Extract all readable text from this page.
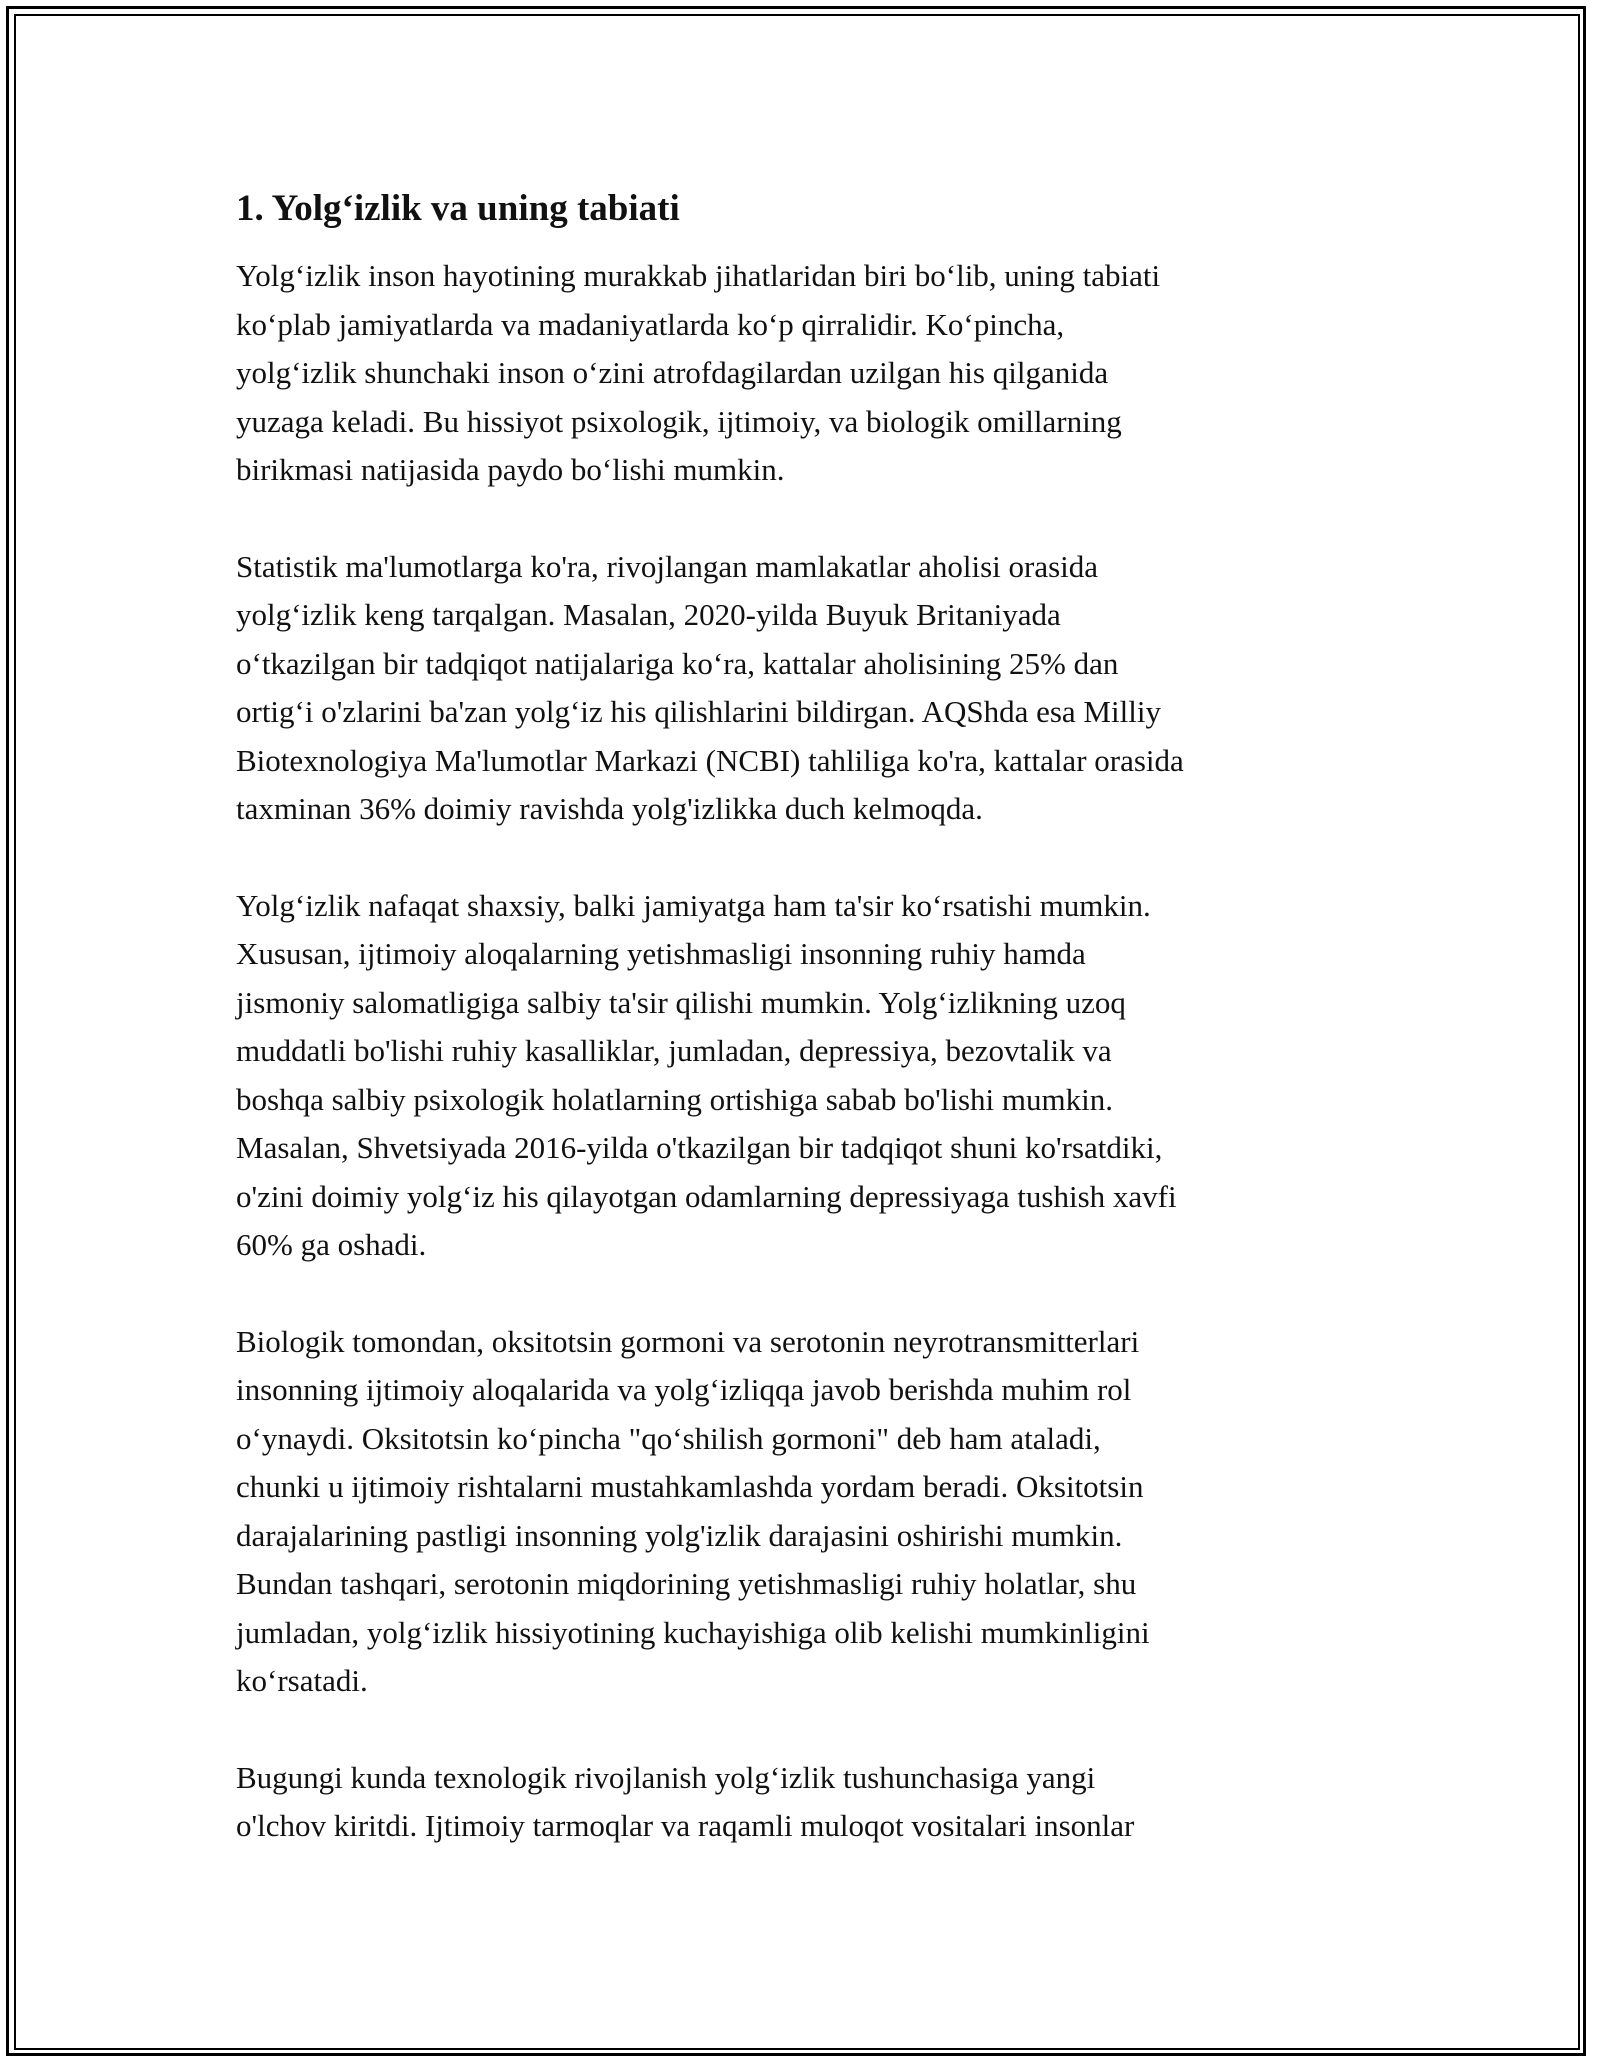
1. Yolg‘izlik va uning tabiati

Yolg‘izlik inson hayotining murakkab jihatlaridan biri bo‘lib, uning tabiati
ko‘plab jamiyatlarda va madaniyatlarda ko‘p qirralidir. Ko‘pincha,
yolg‘izlik shunchaki inson o‘zini atrofdagilardan uzilgan his qilganida
yuzaga keladi. Bu hissiyot psixologik, ijtimoiy, va biologik omillarning
birikmasi natijasida paydo bo‘lishi mumkin.

Statistik ma'lumotlarga ko'ra, rivojlangan mamlakatlar aholisi orasida
yolg‘izlik keng tarqalgan. Masalan, 2020-yilda Buyuk Britaniyada
o‘tkazilgan bir tadqiqot natijalariga ko‘ra, kattalar aholisining 25% dan
ortig‘i o'zlarini ba'zan yolg‘iz his qilishlarini bildirgan. AQShda esa Milliy
Biotexnologiya Ma'lumotlar Markazi (NCBI) tahliliga ko'ra, kattalar orasida
taxminan 36% doimiy ravishda yolg'izlikka duch kelmoqda.

Yolg‘izlik nafaqat shaxsiy, balki jamiyatga ham ta'sir ko‘rsatishi mumkin.
Xususan, ijtimoiy aloqalarning yetishmasligi insonning ruhiy hamda
jismoniy salomatligiga salbiy ta'sir qilishi mumkin. Yolg‘izlikning uzoq
muddatli bo'lishi ruhiy kasalliklar, jumladan, depressiya, bezovtalik va
boshqa salbiy psixologik holatlarning ortishiga sabab bo'lishi mumkin.
Masalan, Shvetsiyada 2016-yilda o'tkazilgan bir tadqiqot shuni ko'rsatdiki,
o'zini doimiy yolg‘iz his qilayotgan odamlarning depressiyaga tushish xavfi
60% ga oshadi.

Biologik tomondan, oksitotsin gormoni va serotonin neyrotransmitterlari
insonning ijtimoiy aloqalarida va yolg‘izliqqa javob berishda muhim rol
o‘ynaydi. Oksitotsin ko‘pincha "qo‘shilish gormoni" deb ham ataladi,
chunki u ijtimoiy rishtalarni mustahkamlashda yordam beradi. Oksitotsin
darajalarining pastligi insonning yolg'izlik darajasini oshirishi mumkin.
Bundan tashqari, serotonin miqdorining yetishmasligi ruhiy holatlar, shu
jumladan, yolg‘izlik hissiyotining kuchayishiga olib kelishi mumkinligini
ko‘rsatadi.

Bugungi kunda texnologik rivojlanish yolg‘izlik tushunchasiga yangi
o'lchov kiritdi. Ijtimoiy tarmoqlar va raqamli muloqot vositalari insonlar
